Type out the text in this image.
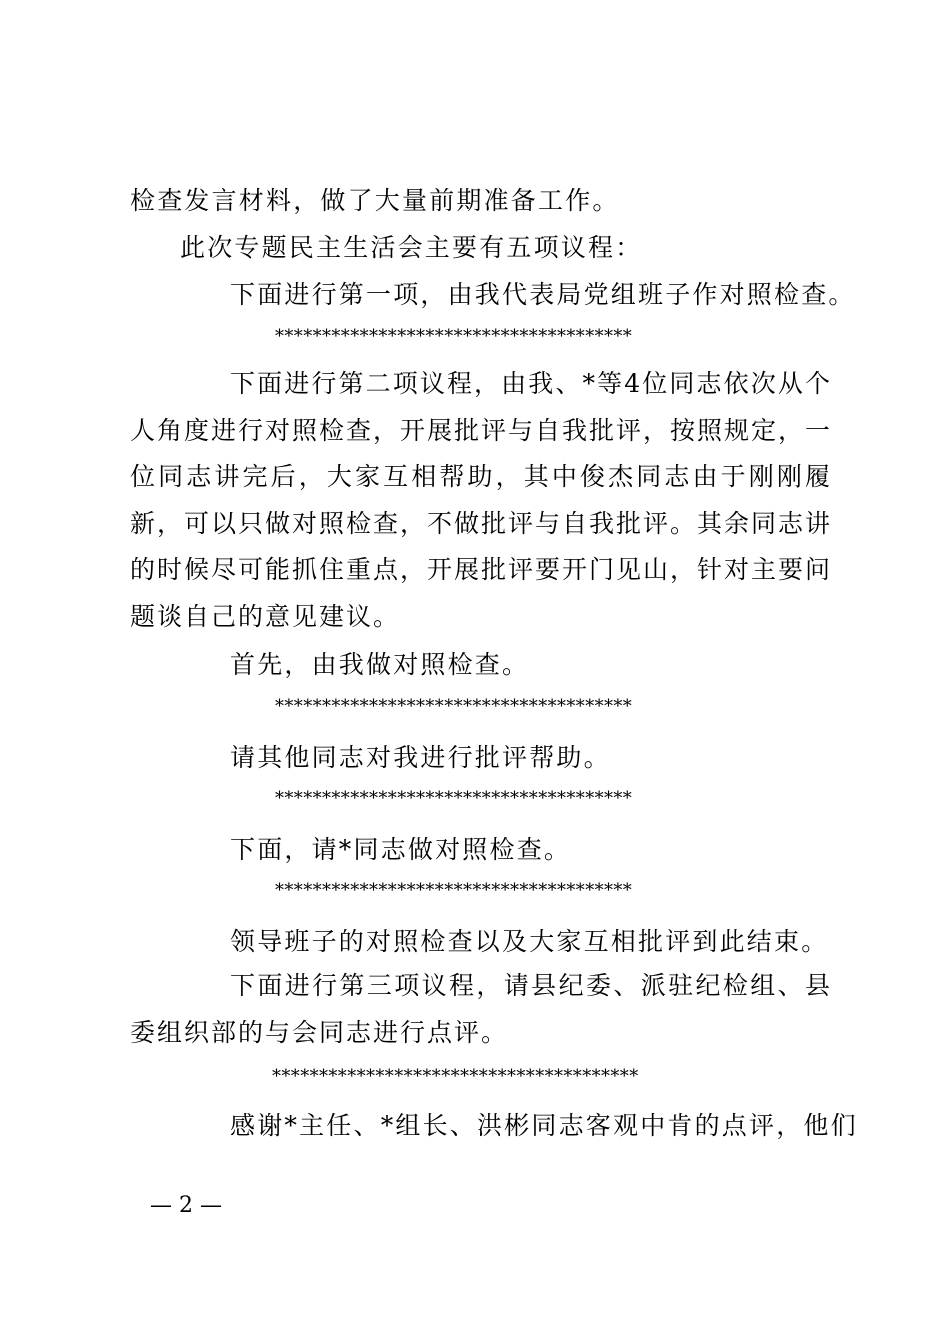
检查发言材料，做了大量前期准备工作。

此次专题民主生活会主要有五项议程：

下面进行第一项，由我代表局党组班子作对照检查。

**************************************

下面进行第二项议程，由我、*等4位同志依次从个人角度进行对照检查，开展批评与自我批评，按照规定，一位同志讲完后，大家互相帮助，其中俊杰同志由于刚刚履新，可以只做对照检查，不做批评与自我批评。其余同志讲的时候尽可能抓住重点，开展批评要开门见山，针对主要问题谈自己的意见建议。

首先，由我做对照检查。

**************************************

请其他同志对我进行批评帮助。

**************************************

下面，请*同志做对照检查。

**************************************

领导班子的对照检查以及大家互相批评到此结束。

下面进行第三项议程，请县纪委、派驻纪检组、县委组织部的与会同志进行点评。

***************************************

感谢*主任、*组长、洪彬同志客观中肯的点评，他们

— 2 —
